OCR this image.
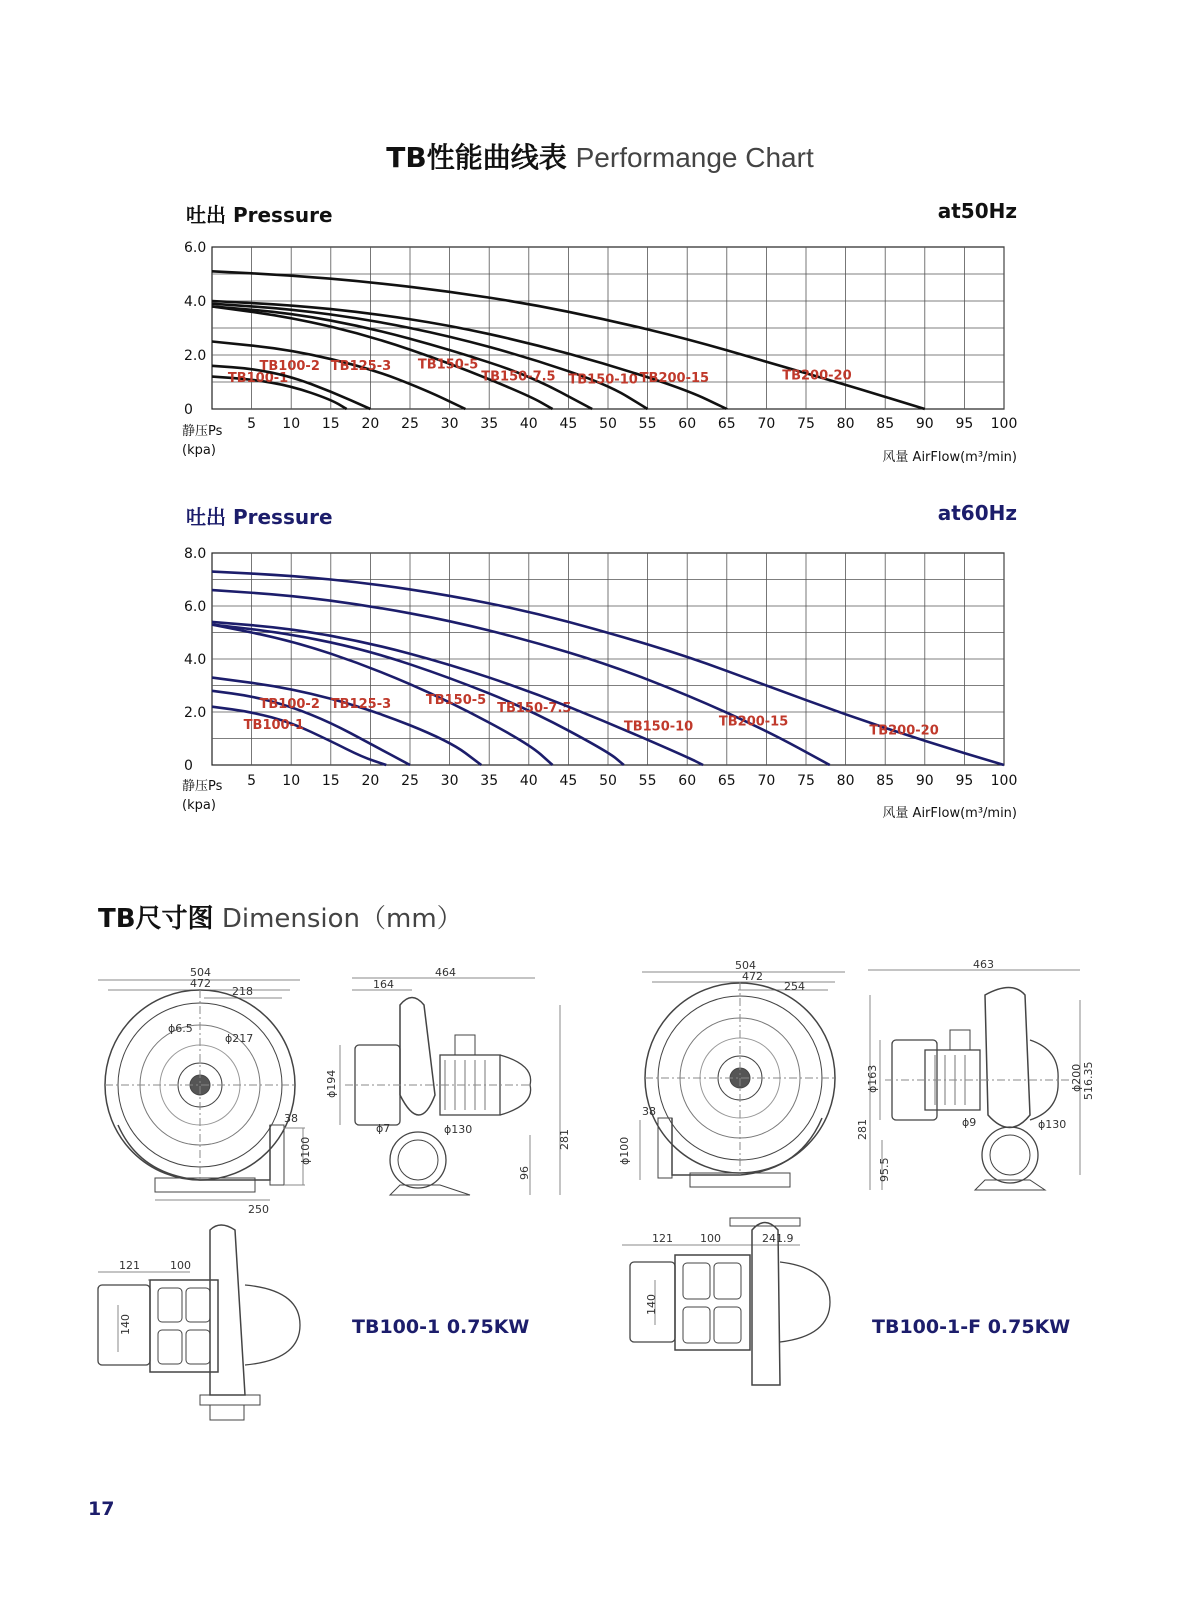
TB性能曲线表 Performange Chart
吐出 Pressure	at50Hz
5 10 15 20 25 30 35 40 45 50 55 60 65 70 75 80 85 90 95 100
0
2.0
4.0
6.0
TB100-1
TB100-2 TB125-3 TB150-5
TB150-7.5 TB150-10 TB200-15	TB200-20
静压Ps
(kpa)	风量 AirFlow(m³/min)
吐出 Pressure	at60Hz
5 10 15 20 25 30 35 40 45 50 55 60 65 70 75 80 85 90 95 100
0
2.0
4.0
6.0
8.0
TB100-1
TB100-2 TB125-3	TB150-5
TB150-7.5
TB150-10 TB200-15
TB200-20
静压Ps
(kpa)
风量 AirFlow(m³/min)
TB尺寸图 Dimension（mm）
504
472
218
ϕ6.5
ϕ217
38
ϕ100
250
464
164
ϕ194
ϕ7	ϕ130	281
96
504
472
254
38
ϕ100
463
ϕ163	ϕ200 516.35
281	ϕ9	ϕ130
95.5
121	100
140
121 100	241.9
140
TB100-1 0.75KW	TB100-1-F 0.75KW
17
